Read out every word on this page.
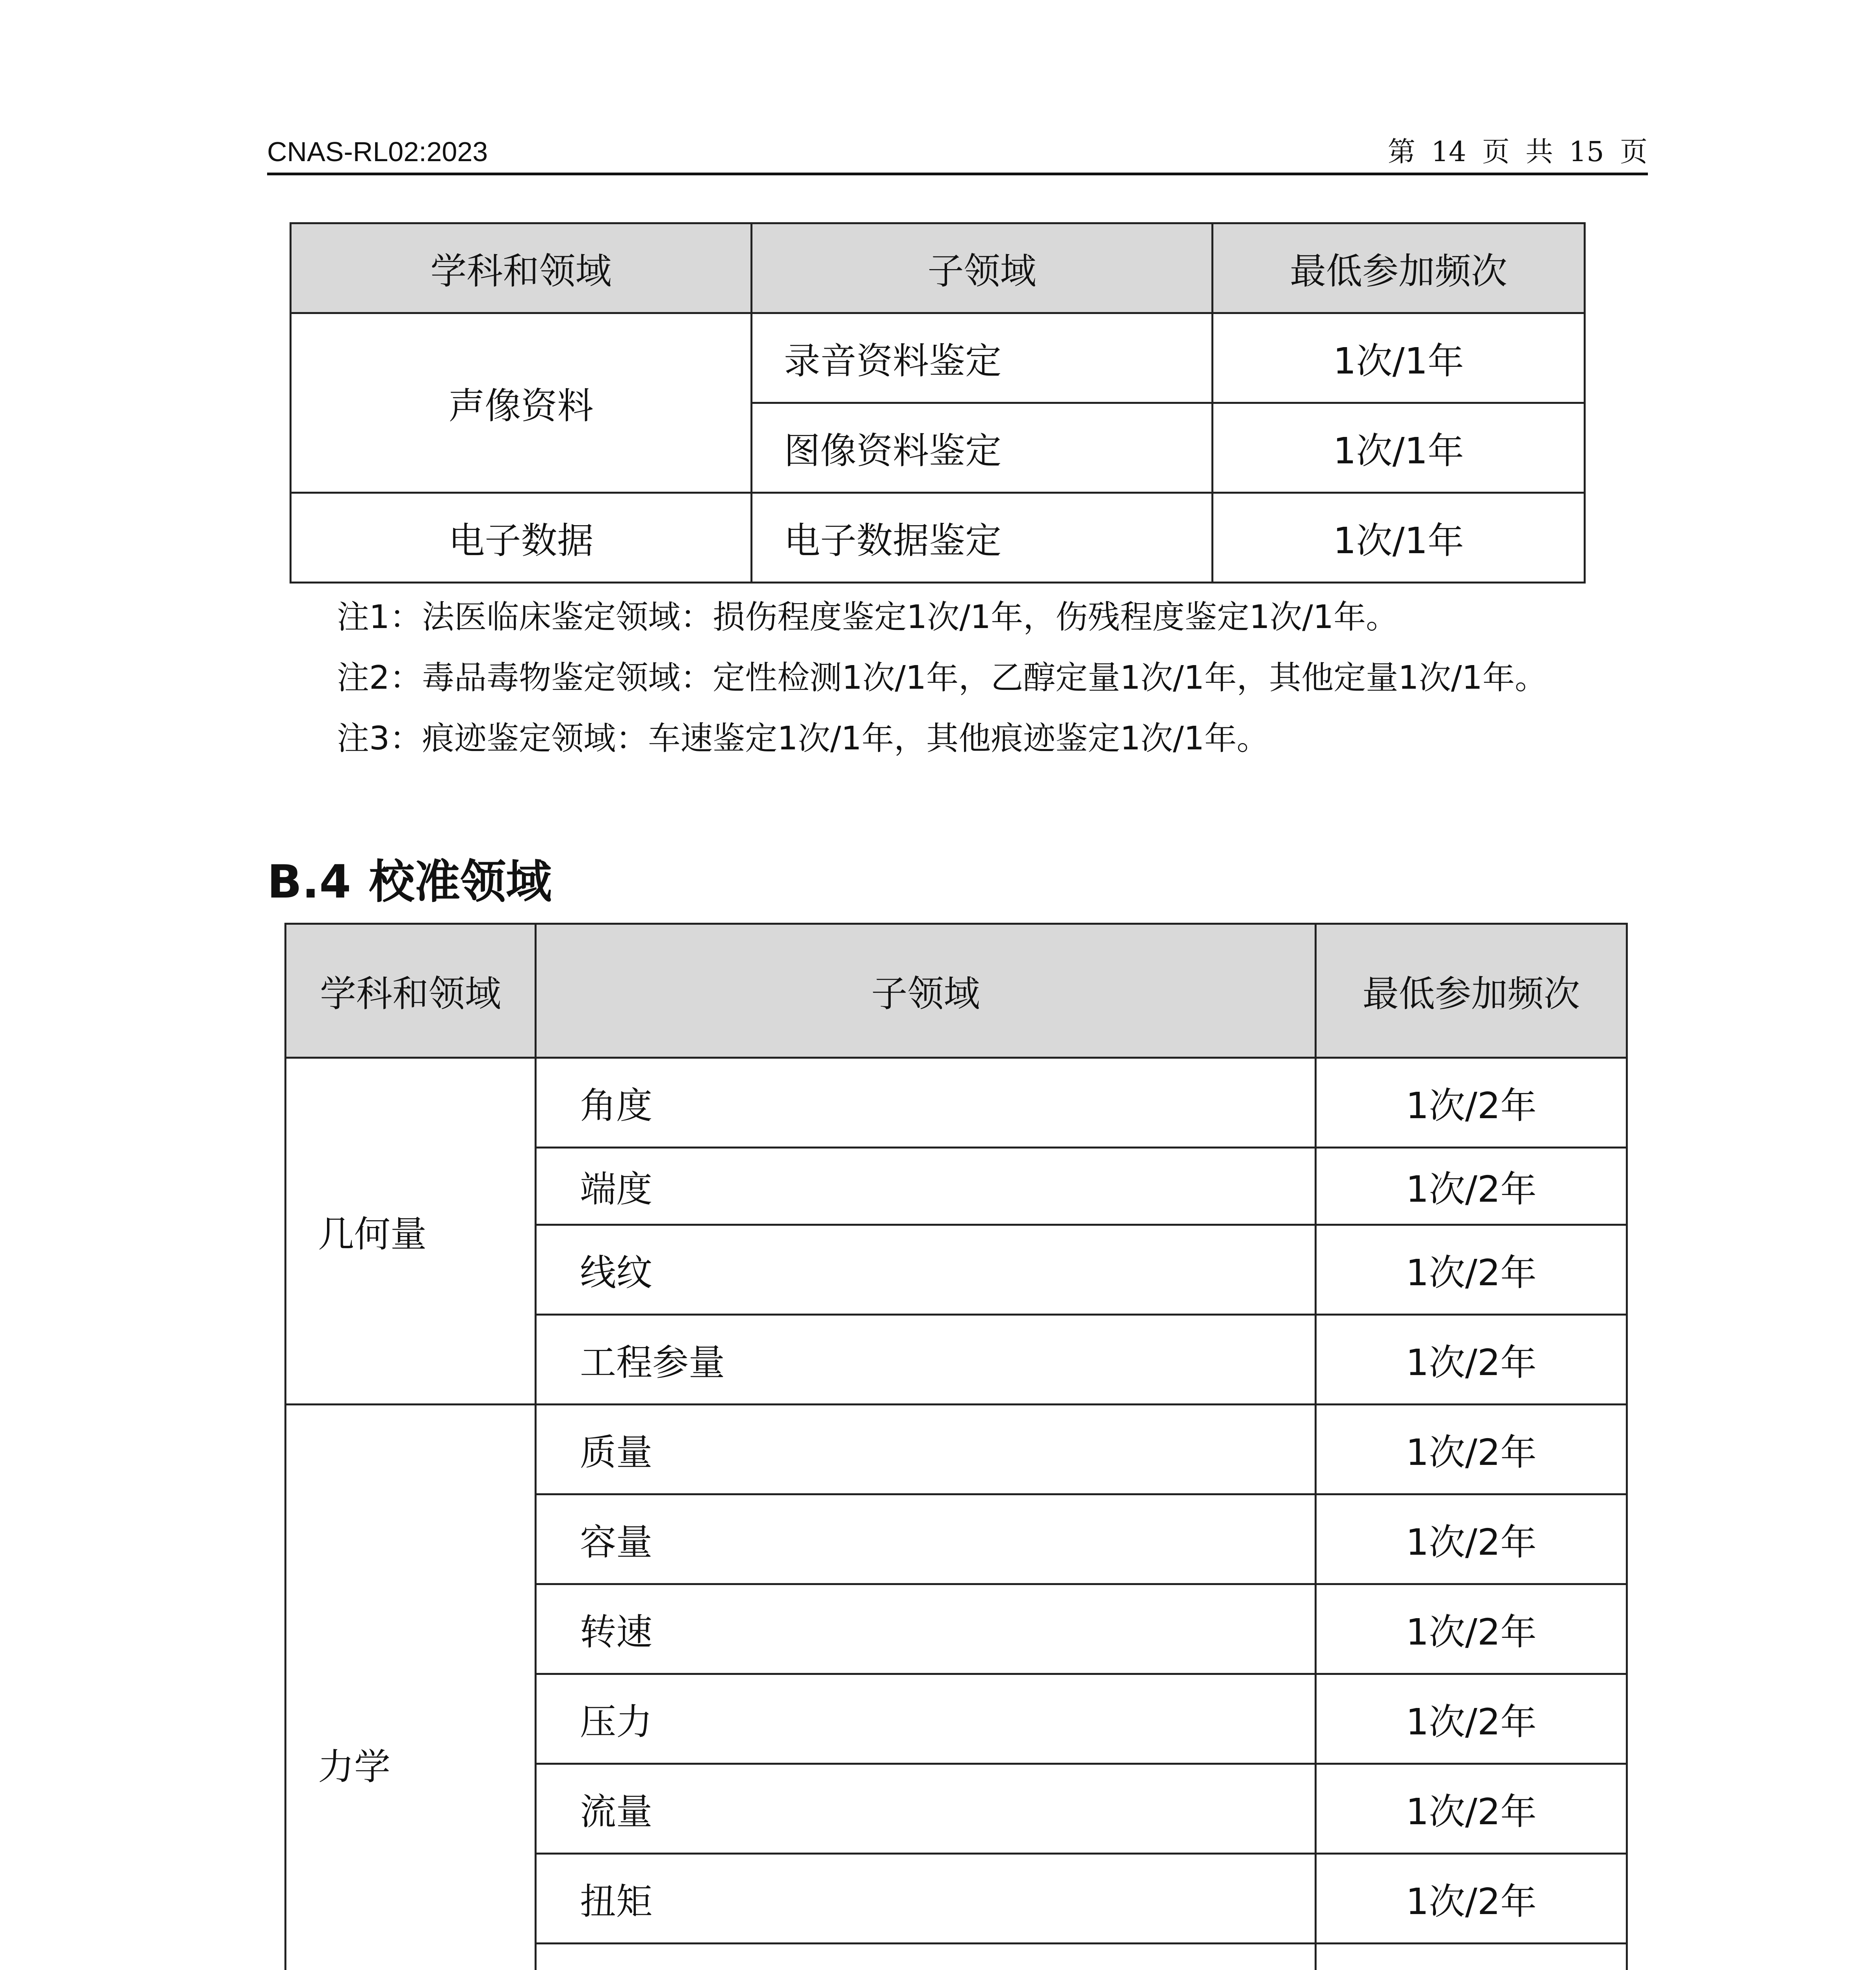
CNAS-RL02:2023	第 14 页 共 15 页
学科和领域	子领域	最低参加频次
声像资料	录音资料鉴定	1次/1年
	图像资料鉴定	1次/1年
电子数据	电子数据鉴定	1次/1年
注1：法医临床鉴定领域：损伤程度鉴定1次/1年，伤残程度鉴定1次/1年。
注2：毒品毒物鉴定领域：定性检测1次/1年，乙醇定量1次/1年，其他定量1次/1年。
注3：痕迹鉴定领域：车速鉴定1次/1年，其他痕迹鉴定1次/1年。
B.4 校准领域
学科和领域	子领域	最低参加频次
几何量	角度	1次/2年
	端度	1次/2年
	线纹	1次/2年
	工程参量	1次/2年
力学	质量	1次/2年
	容量	1次/2年
	转速	1次/2年
	压力	1次/2年
	流量	1次/2年
	扭矩	1次/2年
